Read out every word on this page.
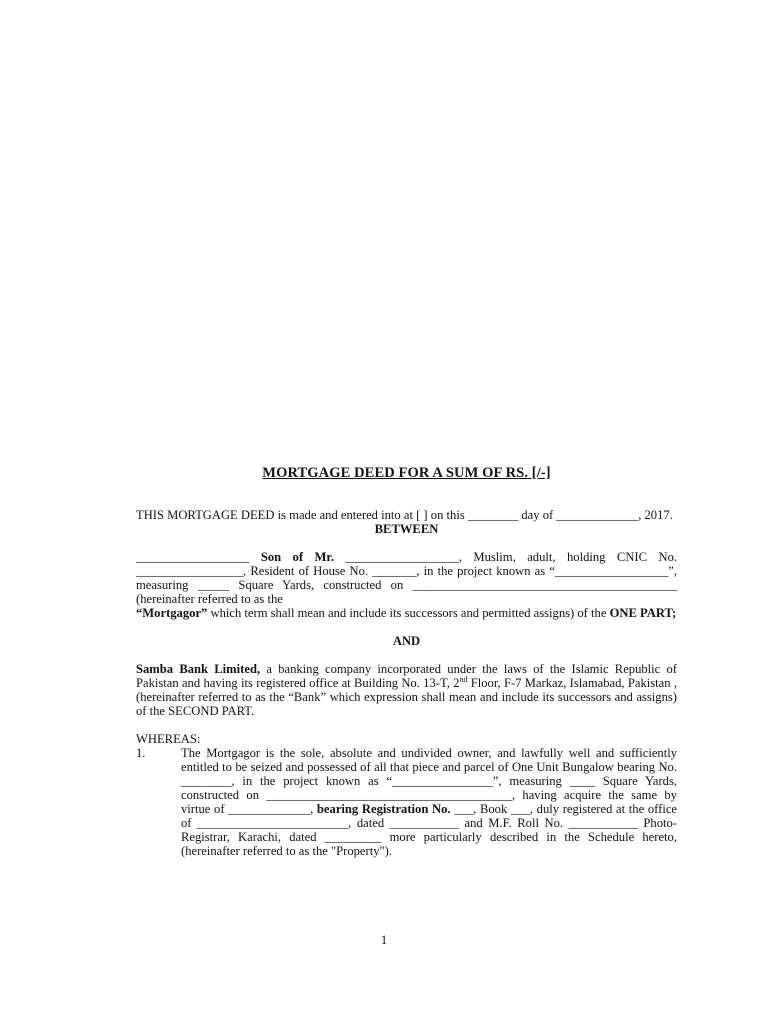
MORTGAGE DEED FOR A SUM OF RS. [/-]

THIS MORTGAGE DEED is made and entered into at [ ] on this ________ day of _____________, 2017.

BETWEEN

__________________ Son of Mr. __________________, Muslim, adult, holding CNIC No. _________________, Resident of House No. _______, in the project known as “__________________”, measuring _____ Square Yards, constructed on __________________________________________ (hereinafter referred to as the
“Mortgagor” which term shall mean and include its successors and permitted assigns) of the ONE PART;

AND

Samba Bank Limited, a banking company incorporated under the laws of the Islamic Republic of Pakistan and having its registered office at Building No. 13-T, 2nd Floor, F-7 Markaz, Islamabad, Pakistan , (hereinafter referred to as the “Bank” which expression shall mean and include its successors and assigns) of the SECOND PART.

WHEREAS:

1.	The Mortgagor is the sole, absolute and undivided owner, and lawfully well and sufficiently entitled to be seized and possessed of all that piece and parcel of One Unit Bungalow bearing No. ________, in the project known as “________________”, measuring ____ Square Yards, constructed on _______________________________________, having acquire the same by virtue of _____________, bearing Registration No. ___, Book ___, duly registered at the office of ________________________, dated ___________ and M.F. Roll No. ___________ Photo-Registrar, Karachi, dated _________ more particularly described in the Schedule hereto, (hereinafter referred to as the "Property").
1
